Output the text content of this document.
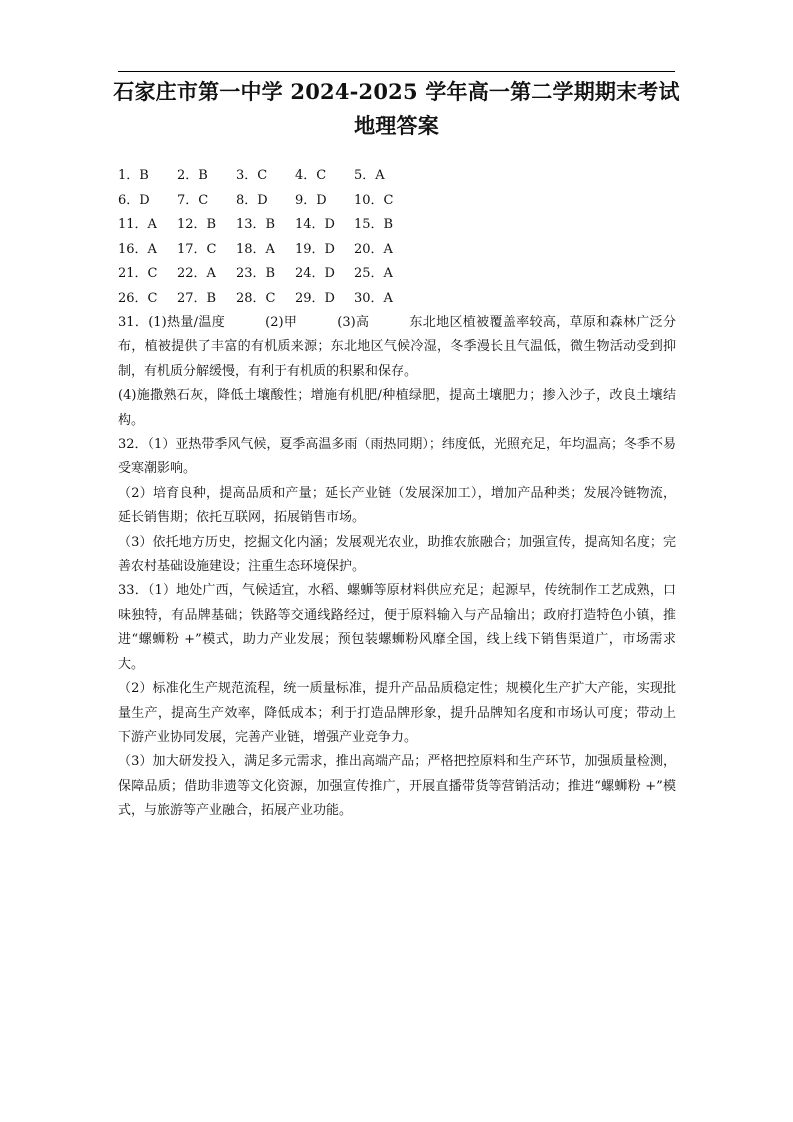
石家庄市第一中学 2024-2025 学年高一第二学期期末考试
地理答案
1．B 2．B 3．C 4．C 5．A
6．D 7．C 8．D 9．D 10．C
11．A 12．B 13．B 14．D 15．B
16．A 17．C 18．A 19．D 20．A
21．C 22．A 23．B 24．D 25．A
26．C 27．B 28．C 29．D 30．A

31．(1)热量/温度　　　(2)甲　　　(3)高　　　东北地区植被覆盖率较高，草原和森林广泛分布，植被提供了丰富的有机质来源；东北地区气候冷湿，冬季漫长且气温低，微生物活动受到抑制，有机质分解缓慢，有利于有机质的积累和保存。

(4)施撒熟石灰，降低土壤酸性；增施有机肥/种植绿肥，提高土壤肥力；掺入沙子，改良土壤结构。

32．（1）亚热带季风气候，夏季高温多雨（雨热同期）；纬度低，光照充足，年均温高；冬季不易受寒潮影响。

（2）培育良种，提高品质和产量；延长产业链（发展深加工），增加产品种类；发展冷链物流，延长销售期；依托互联网，拓展销售市场。

（3）依托地方历史，挖掘文化内涵；发展观光农业，助推农旅融合；加强宣传，提高知名度；完善农村基础设施建设；注重生态环境保护。

33．（1）地处广西，气候适宜，水稻、螺蛳等原材料供应充足；起源早，传统制作工艺成熟，口味独特，有品牌基础；铁路等交通线路经过，便于原料输入与产品输出；政府打造特色小镇，推进“螺蛳粉 +”模式，助力产业发展；预包装螺蛳粉风靡全国，线上线下销售渠道广，市场需求大。

（2）标准化生产规范流程，统一质量标准，提升产品品质稳定性；规模化生产扩大产能，实现批量生产，提高生产效率，降低成本；利于打造品牌形象，提升品牌知名度和市场认可度；带动上下游产业协同发展，完善产业链，增强产业竞争力。

（3）加大研发投入，满足多元需求，推出高端产品；严格把控原料和生产环节，加强质量检测，保障品质；借助非遗等文化资源，加强宣传推广，开展直播带货等营销活动；推进“螺蛳粉 +”模式，与旅游等产业融合，拓展产业功能。
